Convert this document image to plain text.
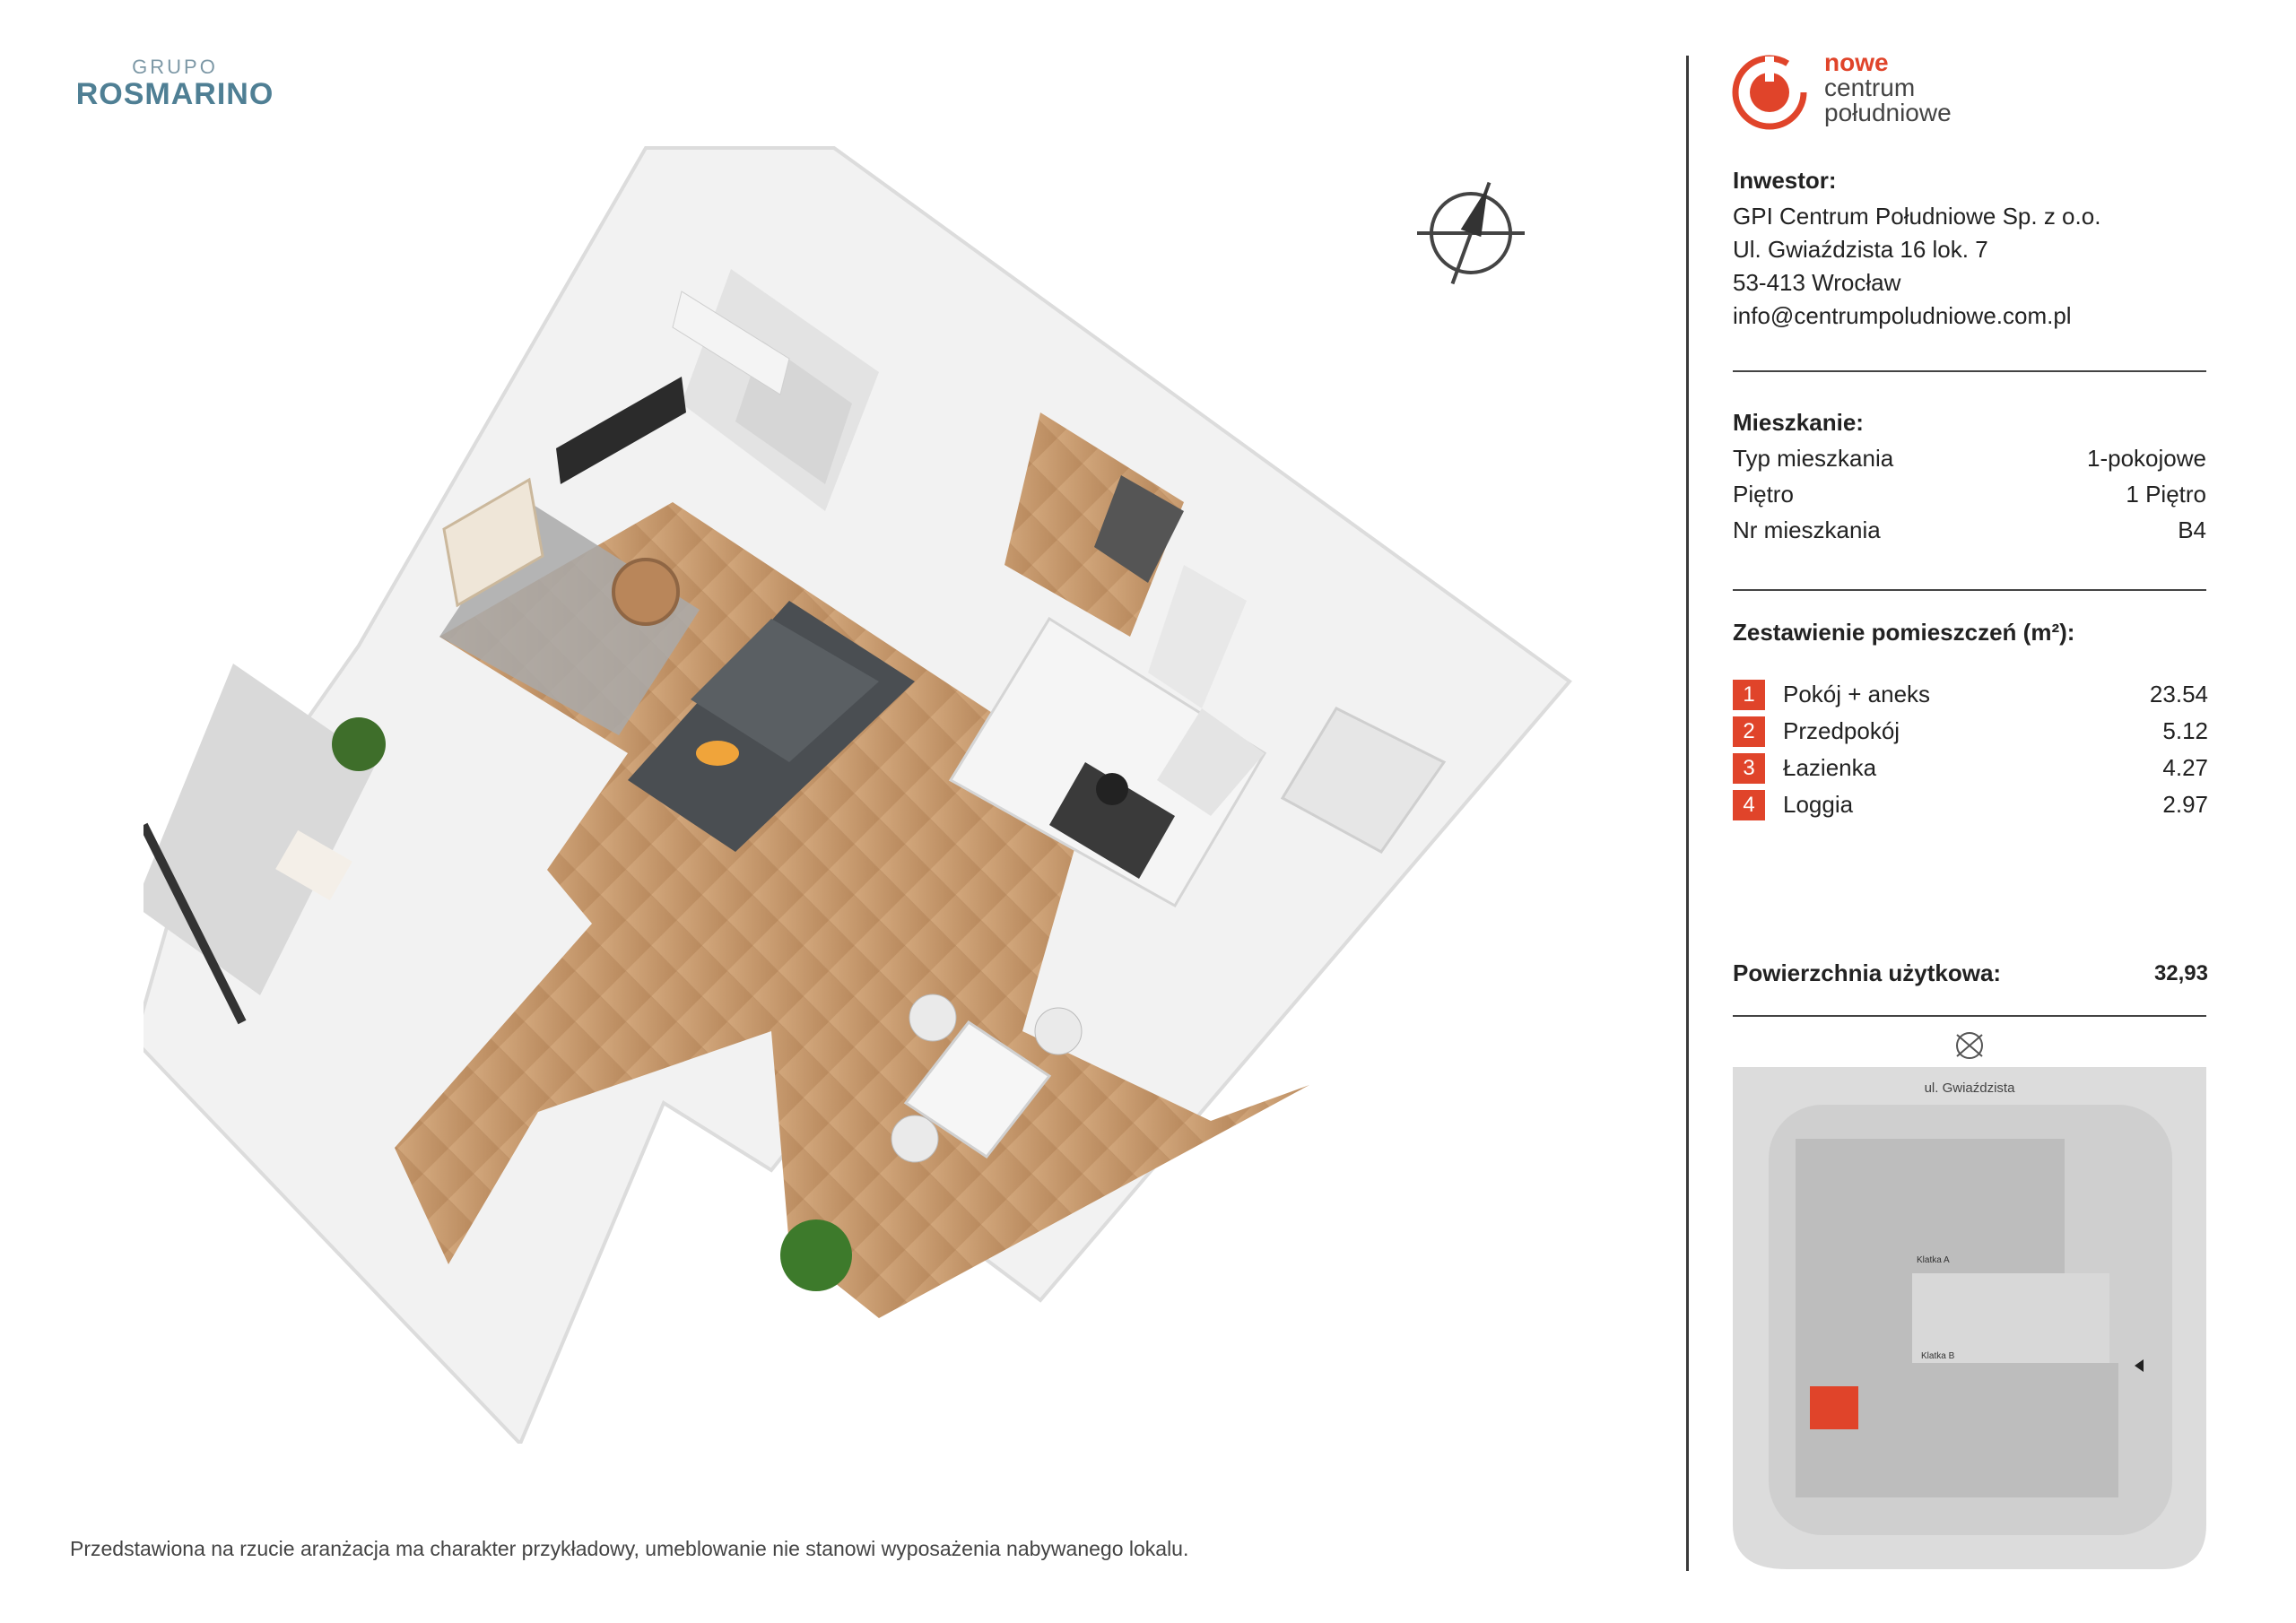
GRUPO
ROSMARINO
nowe
centrum
południowe
Inwestor:
GPI Centrum Południowe Sp. z o.o.
Ul. Gwiaździsta 16 lok. 7
53-413 Wrocław
info@centrumpoludniowe.com.pl
Mieszkanie:
Typ mieszkania	1-pokojowe
Piętro	1 Piętro
Nr mieszkania	B4
Zestawienie pomieszczeń (m²):
1	Pokój + aneks	23.54
2	Przedpokój	5.12
3	Łazienka	4.27
4	Loggia	2.97
Powierzchnia użytkowa:	32,93
ul. Gwiaździsta
Klatka A
Klatka B
Przedstawiona na rzucie aranżacja ma charakter przykładowy, umeblowanie nie stanowi wyposażenia nabywanego lokalu.
